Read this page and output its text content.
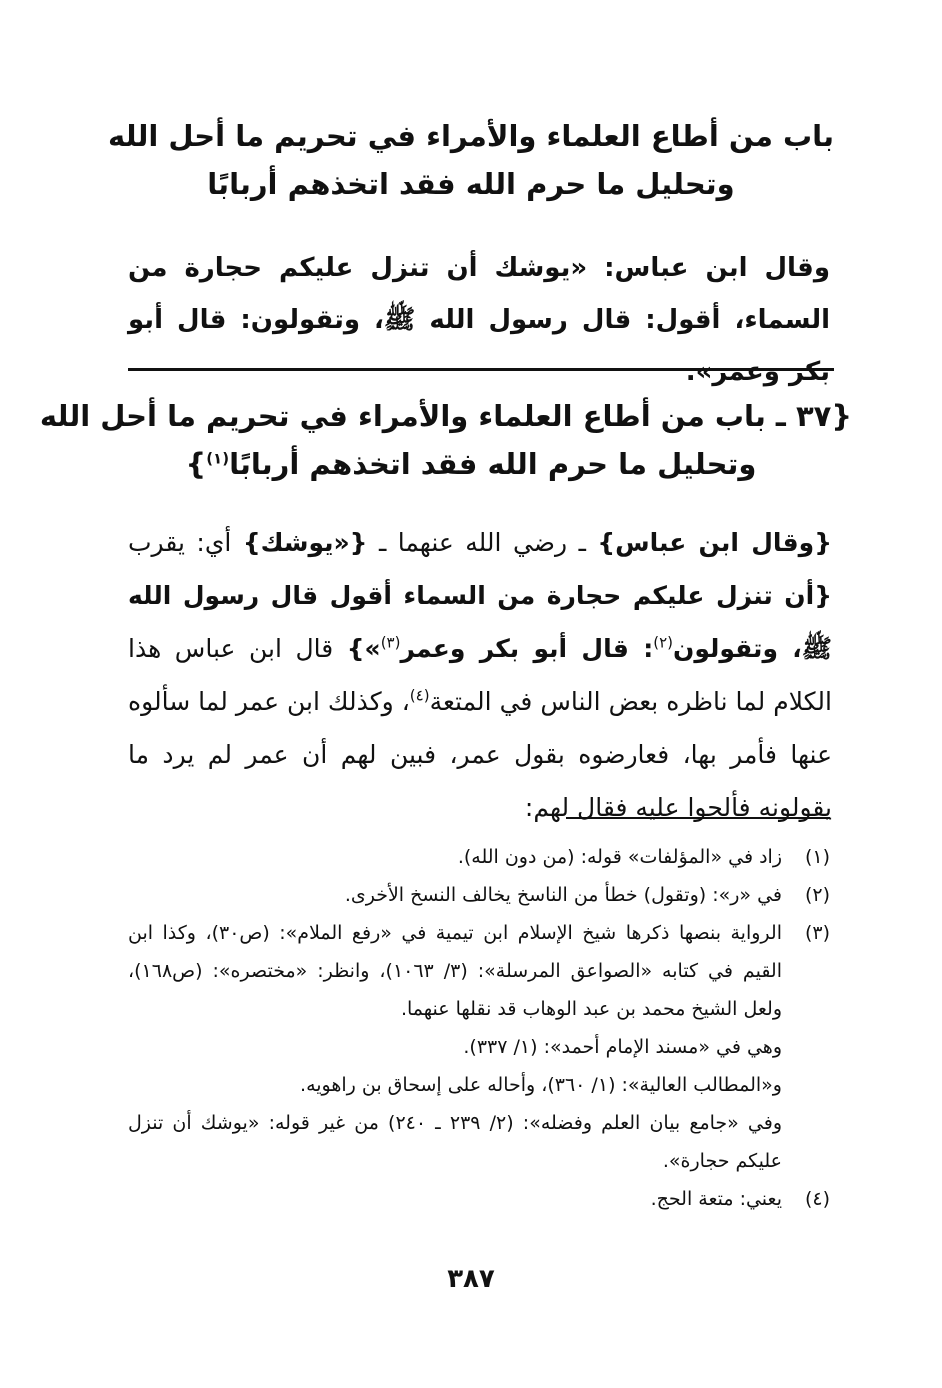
باب من أطاع العلماء والأمراء في تحريم ما أحل الله
وتحليل ما حرم الله فقد اتخذهم أربابًا

وقال ابن عباس: «يوشك أن تنزل عليكم حجارة من السماء، أقول: قال رسول الله ﷺ، وتقولون: قال أبو بكر وعمر».

{٣٧ ـ باب من أطاع العلماء والأمراء في تحريم ما أحل الله
وتحليل ما حرم الله فقد اتخذهم أربابًا$^{(١)}$}

{وقال ابن عباس} ـ رضي الله عنهما ـ {«يوشك} أي: يقرب {أن تنزل عليكم حجارة من السماء أقول قال رسول الله ﷺ، وتقولون$^{(٢)}$: قال أبو بكر وعمر$^{(٣)}$»} قال ابن عباس هذا الكلام لما ناظره بعض الناس في المتعة$^{(٤)}$، وكذلك ابن عمر لما سألوه عنها فأمر بها، فعارضوه بقول عمر، فبين لهم أن عمر لم يرد ما يقولونه فألحوا عليه فقال لهم:

(١)

زاد في «المؤلفات» قوله: (من دون الله).

(٢)

في «ر»: (وتقول) خطأ من الناسخ يخالف النسخ الأخرى.

(٣)

الرواية بنصها ذكرها شيخ الإسلام ابن تيمية في «رفع الملام»: (ص٣٠)، وكذا ابن القيم في كتابه «الصواعق المرسلة»: (٣/ ١٠٦٣)، وانظر: «مختصره»: (ص١٦٨)، ولعل الشيخ محمد بن عبد الوهاب قد نقلها عنهما.

وهي في «مسند الإمام أحمد»: (١/ ٣٣٧).

و«المطالب العالية»: (١/ ٣٦٠)، وأحاله على إسحاق بن راهويه.

وفي «جامع بيان العلم وفضله»: (٢/ ٢٣٩ ـ ٢٤٠) من غير قوله: «يوشك أن تنزل عليكم حجارة».

(٤)

يعني: متعة الحج.

٣٨٧
